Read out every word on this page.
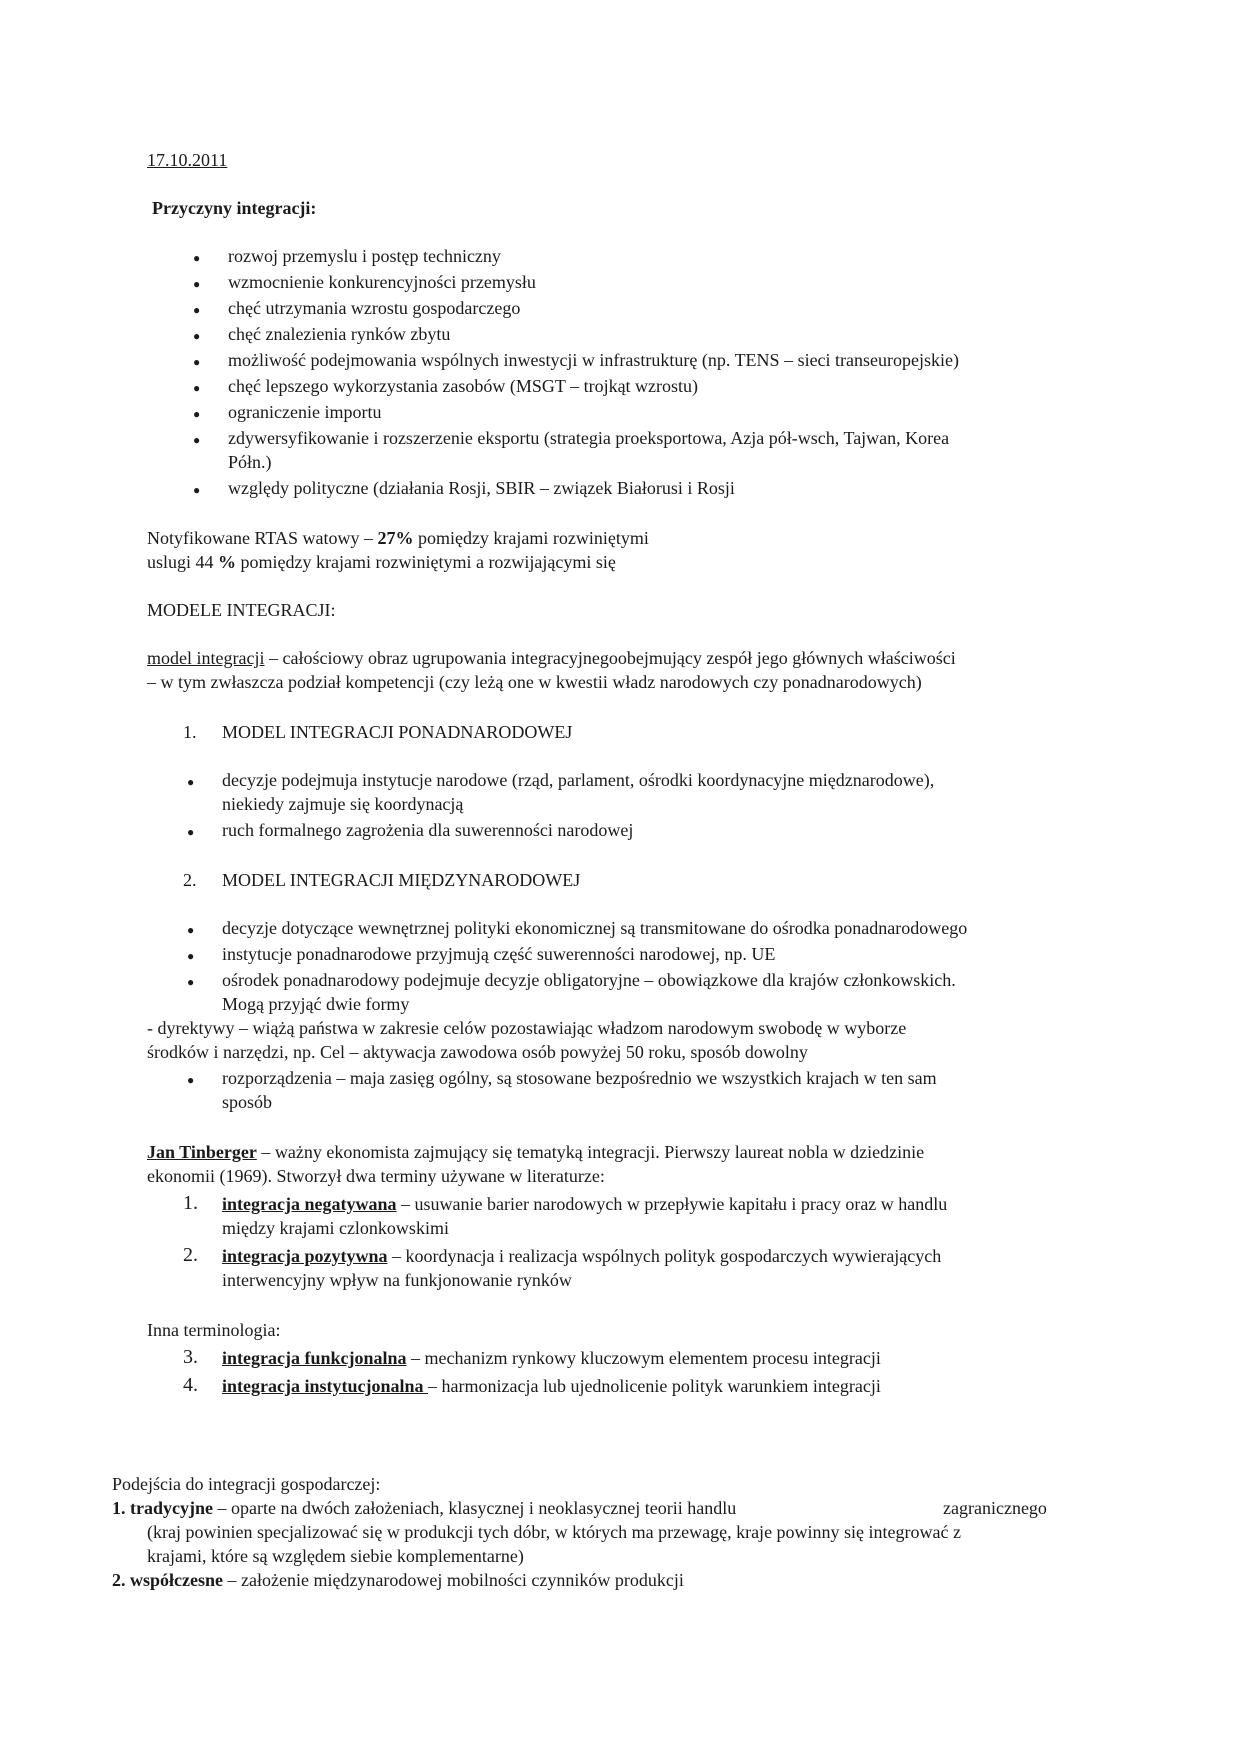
17.10.2011
Przyczyny integracji:
● rozwoj przemyslu i postęp techniczny
● wzmocnienie konkurencyjności przemysłu
● chęć utrzymania wzrostu gospodarczego
● chęć znalezienia rynków zbytu
● możliwość podejmowania wspólnych inwestycji w infrastrukturę (np. TENS – sieci transeuropejskie)
● chęć lepszego wykorzystania zasobów (MSGT – trojkąt wzrostu)
● ograniczenie importu
● zdywersyfikowanie i rozszerzenie eksportu (strategia proeksportowa, Azja pół-wsch, Tajwan, Korea
Półn.)
● względy polityczne (działania Rosji, SBIR – związek Białorusi i Rosji
Notyfikowane RTAS watowy – 27% pomiędzy krajami rozwiniętymi
uslugi 44 % pomiędzy krajami rozwiniętymi a rozwijającymi się
MODELE INTEGRACJI:
model integracji – całościowy obraz ugrupowania integracyjnegoobejmujący zespół jego głównych właściwości
– w tym zwłaszcza podział kompetencji (czy leżą one w kwestii władz narodowych czy ponadnarodowych)
1. MODEL INTEGRACJI PONADNARODOWEJ
● decyzje podejmuja instytucje narodowe (rząd, parlament, ośrodki koordynacyjne międznarodowe),
niekiedy zajmuje się koordynacją
● ruch formalnego zagrożenia dla suwerenności narodowej
2. MODEL INTEGRACJI MIĘDZYNARODOWEJ
● decyzje dotyczące wewnętrznej polityki ekonomicznej są transmitowane do ośrodka ponadnarodowego
● instytucje ponadnarodowe przyjmują część suwerenności narodowej, np. UE
● ośrodek ponadnarodowy podejmuje decyzje obligatoryjne – obowiązkowe dla krajów członkowskich.
Mogą przyjąć dwie formy
- dyrektywy – wiążą państwa w zakresie celów pozostawiając władzom narodowym swobodę w wyborze
środków i narzędzi, np. Cel – aktywacja zawodowa osób powyżej 50 roku, sposób dowolny
● rozporządzenia – maja zasięg ogólny, są stosowane bezpośrednio we wszystkich krajach w ten sam
sposób
Jan Tinberger – ważny ekonomista zajmujący się tematyką integracji. Pierwszy laureat nobla w dziedzinie
ekonomii (1969). Stworzył dwa terminy używane w literaturze:
1. integracja negatywana – usuwanie barier narodowych w przepływie kapitału i pracy oraz w handlu
między krajami czlonkowskimi
2. integracja pozytywna – koordynacja i realizacja wspólnych polityk gospodarczych wywierających
interwencyjny wpływ na funkjonowanie rynków
Inna terminologia:
3. integracja funkcjonalna – mechanizm rynkowy kluczowym elementem procesu integracji
4. integracja instytucjonalna – harmonizacja lub ujednolicenie polityk warunkiem integracji
Podejścia do integracji gospodarczej:
1. tradycyjne – oparte na dwóch założeniach, klasycznej i neoklasycznej teorii handlu	zagranicznego
(kraj powinien specjalizować się w produkcji tych dóbr, w których ma przewagę, kraje powinny się integrować z
krajami, które są względem siebie komplementarne)
2. współczesne – założenie międzynarodowej mobilności czynników produkcji
